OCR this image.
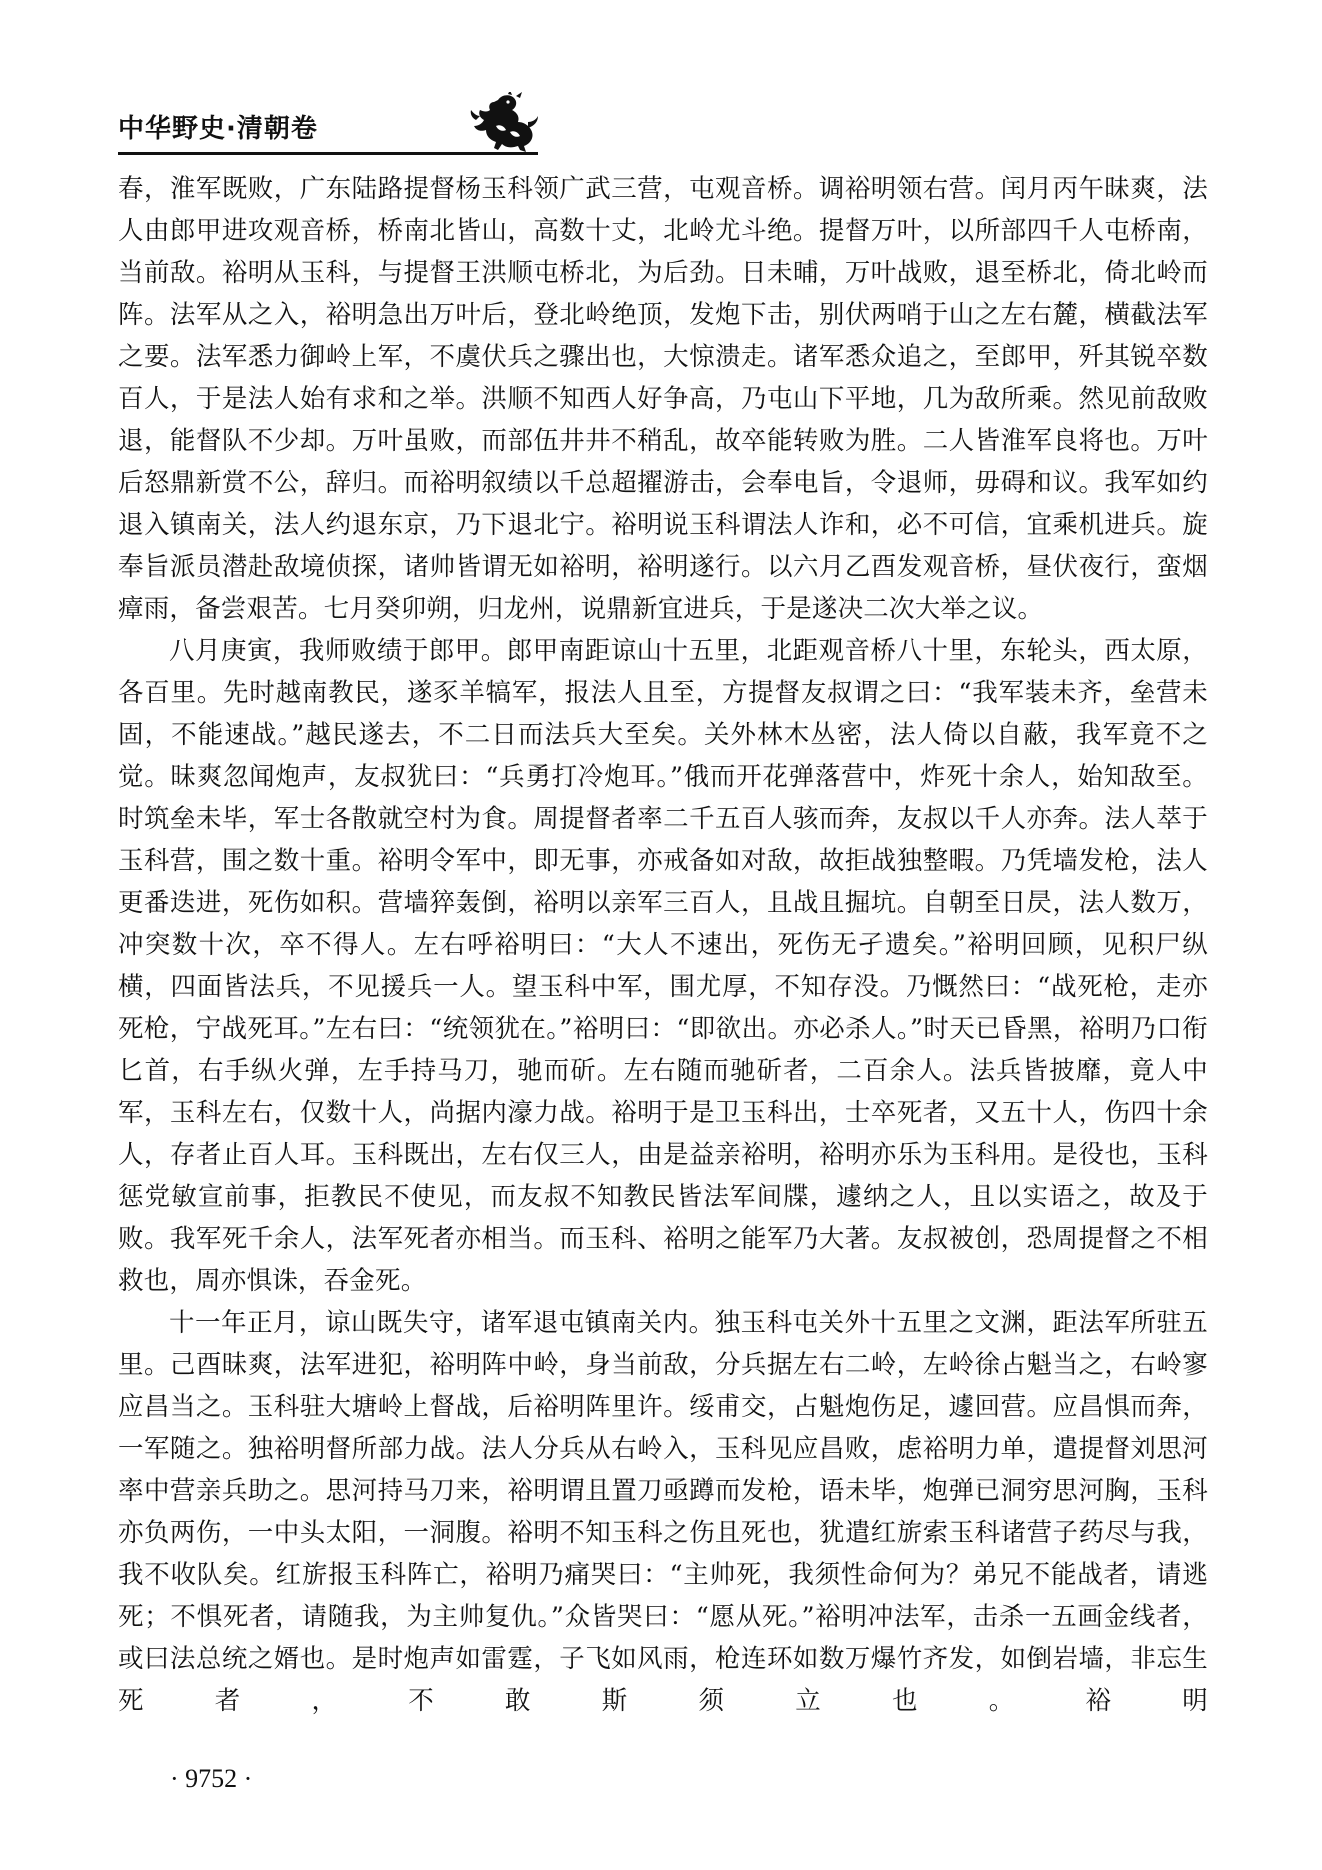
中华野史·清朝卷

春，淮军既败，广东陆路提督杨玉科领广武三营，屯观音桥。调裕明领右营。闰月丙午昧爽，法人由郎甲进攻观音桥，桥南北皆山，高数十丈，北岭尤斗绝。提督万叶，以所部四千人屯桥南，当前敌。裕明从玉科，与提督王洪顺屯桥北，为后劲。日未晡，万叶战败，退至桥北，倚北岭而阵。法军从之入，裕明急出万叶后，登北岭绝顶，发炮下击，别伏两哨于山之左右麓，横截法军之要。法军悉力御岭上军，不虞伏兵之骤出也，大惊溃走。诸军悉众追之，至郎甲，歼其锐卒数百人，于是法人始有求和之举。洪顺不知西人好争高，乃屯山下平地，几为敌所乘。然见前敌败退，能督队不少却。万叶虽败，而部伍井井不稍乱，故卒能转败为胜。二人皆淮军良将也。万叶后怒鼎新赏不公，辞归。而裕明叙绩以千总超擢游击，会奉电旨，令退师，毋碍和议。我军如约退入镇南关，法人约退东京，乃下退北宁。裕明说玉科谓法人诈和，必不可信，宜乘机进兵。旋奉旨派员潜赴敌境侦探，诸帅皆谓无如裕明，裕明遂行。以六月乙酉发观音桥，昼伏夜行，蛮烟瘴雨，备尝艰苦。七月癸卯朔，归龙州，说鼎新宜进兵，于是遂决二次大举之议。

八月庚寅，我师败绩于郎甲。郎甲南距谅山十五里，北距观音桥八十里，东轮头，西太原，各百里。先时越南教民，遂豕羊犒军，报法人且至，方提督友叔谓之曰：“我军装未齐，垒营未固，不能速战。”越民遂去，不二日而法兵大至矣。关外林木丛密，法人倚以自蔽，我军竟不之觉。昧爽忽闻炮声，友叔犹曰：“兵勇打冷炮耳。”俄而开花弹落营中，炸死十余人，始知敌至。时筑垒未毕，军士各散就空村为食。周提督者率二千五百人骇而奔，友叔以千人亦奔。法人萃于玉科营，围之数十重。裕明令军中，即无事，亦戒备如对敌，故拒战独整暇。乃凭墙发枪，法人更番迭进，死伤如积。营墙猝轰倒，裕明以亲军三百人，且战且掘坑。自朝至日昃，法人数万，冲突数十次，卒不得人。左右呼裕明曰：“大人不速出，死伤无孑遗矣。”裕明回顾，见积尸纵横，四面皆法兵，不见援兵一人。望玉科中军，围尤厚，不知存没。乃慨然曰：“战死枪，走亦死枪，宁战死耳。”左右曰：“统领犹在。”裕明曰：“即欲出。亦必杀人。”时天已昏黑，裕明乃口衔匕首，右手纵火弹，左手持马刀，驰而斫。左右随而驰斫者，二百余人。法兵皆披靡，竟人中军，玉科左右，仅数十人，尚据内濠力战。裕明于是卫玉科出，士卒死者，又五十人，伤四十余人，存者止百人耳。玉科既出，左右仅三人，由是益亲裕明，裕明亦乐为玉科用。是役也，玉科惩党敏宣前事，拒教民不使见，而友叔不知教民皆法军间牒，遽纳之人，且以实语之，故及于败。我军死千余人，法军死者亦相当。而玉科、裕明之能军乃大著。友叔被创，恐周提督之不相救也，周亦惧诛，吞金死。

十一年正月，谅山既失守，诸军退屯镇南关内。独玉科屯关外十五里之文渊，距法军所驻五里。己酉昧爽，法军进犯，裕明阵中岭，身当前敌，分兵据左右二岭，左岭徐占魁当之，右岭寥应昌当之。玉科驻大塘岭上督战，后裕明阵里许。绥甫交，占魁炮伤足，遽回营。应昌惧而奔，一军随之。独裕明督所部力战。法人分兵从右岭入，玉科见应昌败，虑裕明力单，遣提督刘思河率中营亲兵助之。思河持马刀来，裕明谓且置刀亟蹲而发枪，语未毕，炮弹已洞穷思河胸，玉科亦负两伤，一中头太阳，一洞腹。裕明不知玉科之伤且死也，犹遣红旂索玉科诸营子药尽与我，我不收队矣。红旂报玉科阵亡，裕明乃痛哭曰：“主帅死，我须性命何为？弟兄不能战者，请逃死；不惧死者，请随我，为主帅复仇。”众皆哭曰：“愿从死。”裕明冲法军，击杀一五画金线者，或曰法总统之婿也。是时炮声如雷霆，子飞如风雨，枪连环如数万爆竹齐发，如倒岩墙，非忘生死者，不敢斯须立也。裕明

· 9752 ·
